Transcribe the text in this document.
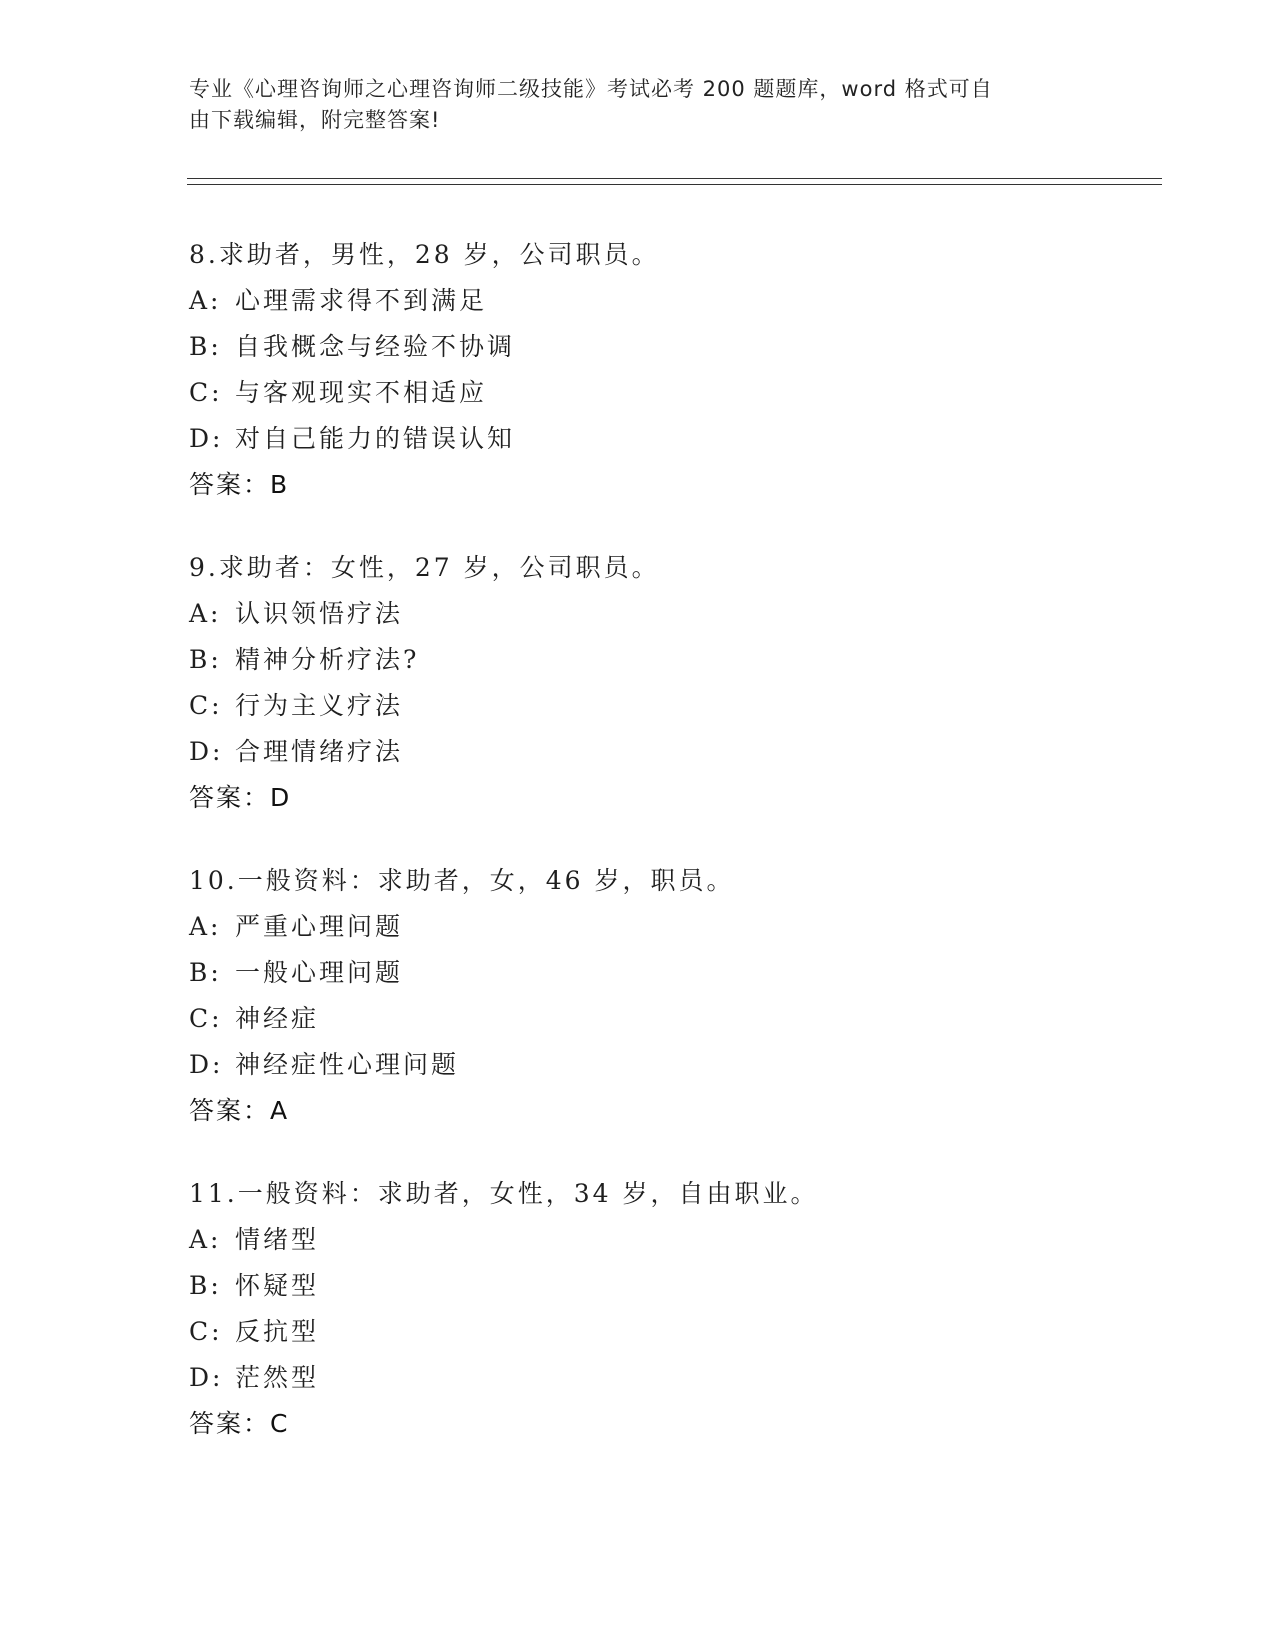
专业《心理咨询师之心理咨询师二级技能》考试必考 200 题题库，word 格式可自
由下载编辑，附完整答案!
8.求助者，男性，28 岁，公司职员。
A: 心理需求得不到满足
B: 自我概念与经验不协调
C: 与客观现实不相适应
D: 对自己能力的错误认知
答案：B
9.求助者：女性，27 岁，公司职员。
A: 认识领悟疗法
B: 精神分析疗法?
C: 行为主义疗法
D: 合理情绪疗法
答案：D
10.一般资料：求助者，女，46 岁，职员。
A: 严重心理问题
B: 一般心理问题
C: 神经症
D: 神经症性心理问题
答案：A
11.一般资料：求助者，女性，34 岁，自由职业。
A: 情绪型
B: 怀疑型
C: 反抗型
D: 茫然型
答案：C
